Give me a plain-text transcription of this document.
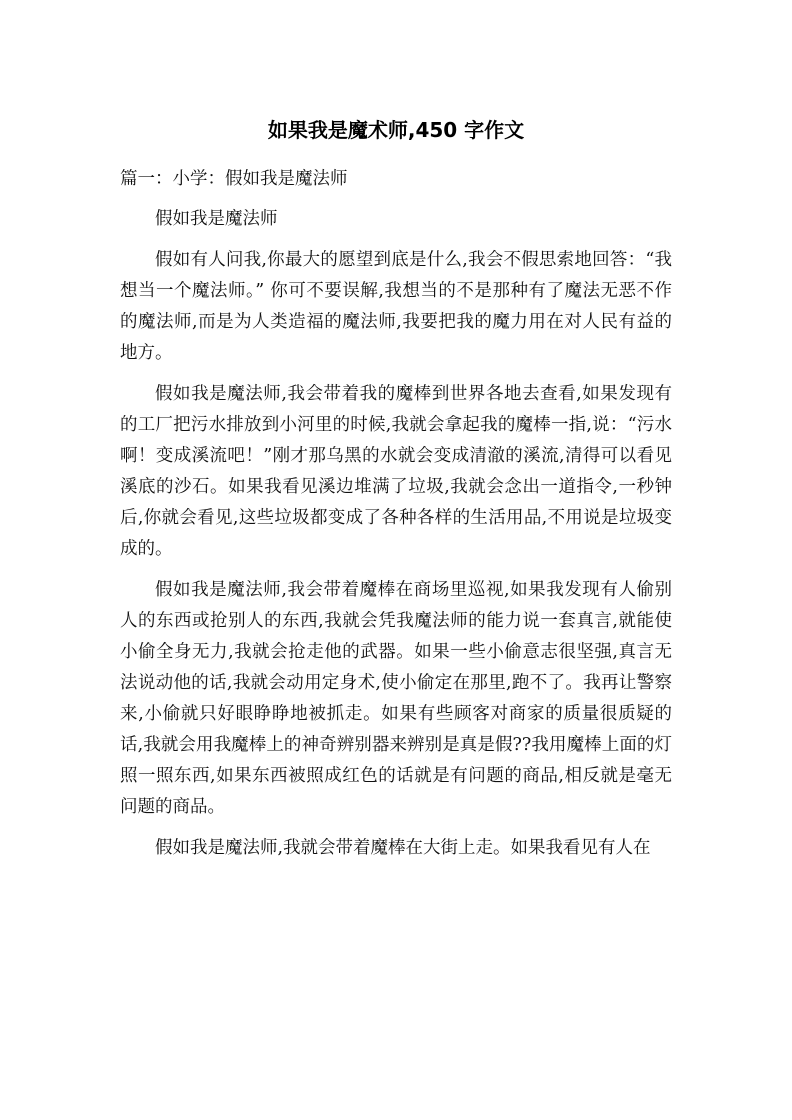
如果我是魔术师,450 字作文

篇一：小学：假如我是魔法师

假如我是魔法师

假如有人问我,你最大的愿望到底是什么,我会不假思索地回答：“我想当一个魔法师。” 你可不要误解,我想当的不是那种有了魔法无恶不作的魔法师,而是为人类造福的魔法师,我要把我的魔力用在对人民有益的地方。

假如我是魔法师,我会带着我的魔棒到世界各地去查看,如果发现有的工厂把污水排放到小河里的时候,我就会拿起我的魔棒一指,说：“污水啊！变成溪流吧！”刚才那乌黑的水就会变成清澈的溪流,清得可以看见溪底的沙石。如果我看见溪边堆满了垃圾,我就会念出一道指令,一秒钟后,你就会看见,这些垃圾都变成了各种各样的生活用品,不用说是垃圾变成的。

假如我是魔法师,我会带着魔棒在商场里巡视,如果我发现有人偷别人的东西或抢别人的东西,我就会凭我魔法师的能力说一套真言,就能使小偷全身无力,我就会抢走他的武器。如果一些小偷意志很坚强,真言无法说动他的话,我就会动用定身术,使小偷定在那里,跑不了。我再让警察来,小偷就只好眼睁睁地被抓走。如果有些顾客对商家的质量很质疑的话,我就会用我魔棒上的神奇辨别器来辨别是真是假??我用魔棒上面的灯照一照东西,如果东西被照成红色的话就是有问题的商品,相反就是毫无问题的商品。

假如我是魔法师,我就会带着魔棒在大街上走。如果我看见有人在
